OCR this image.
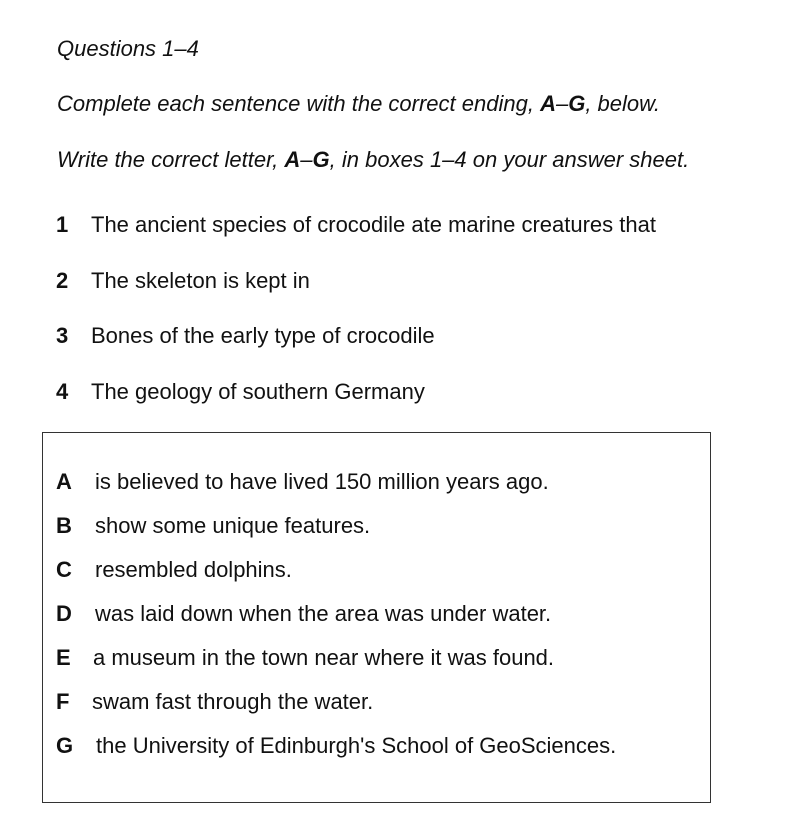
Questions 1–4
Complete each sentence with the correct ending, A–G, below.
Write the correct letter, A–G, in boxes 1–4 on your answer sheet.
1 The ancient species of crocodile ate marine creatures that
2 The skeleton is kept in
3 Bones of the early type of crocodile
4 The geology of southern Germany
A is believed to have lived 150 million years ago.
B show some unique features.
C resembled dolphins.
D was laid down when the area was under water.
E a museum in the town near where it was found.
F swam fast through the water.
G the University of Edinburgh's School of GeoSciences.
